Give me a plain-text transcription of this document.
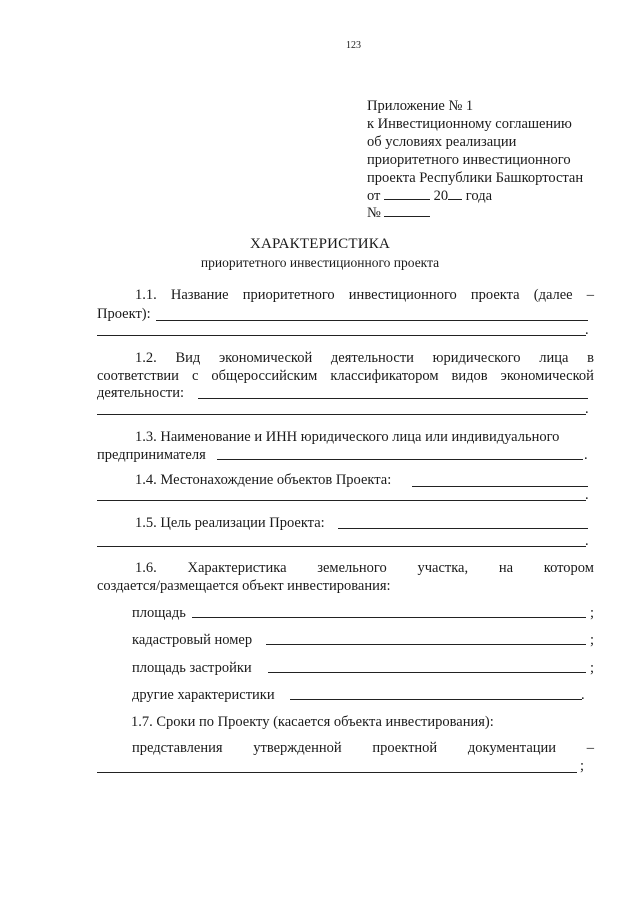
123
Приложение № 1
к Инвестиционному соглашению
об условиях реализации
приоритетного инвестиционного
проекта Республики Башкортостан
от	20 года
№
ХАРАКТЕРИСТИКА
приоритетного инвестиционного проекта
1.1. Название приоритетного инвестиционного проекта (далее –
Проект):
.
1.2. Вид экономической деятельности юридического лица в
соответствии с общероссийским классификатором видов экономической
деятельности:
.
1.3. Наименование и ИНН юридического лица или индивидуального
предпринимателя	.
1.4. Местонахождение объектов Проекта:
.
1.5. Цель реализации Проекта:
.
1.6. Характеристика земельного участка, на котором
создается/размещается объект инвестирования:
площадь	;
кадастровый номер	;
площадь застройки	;
другие характеристики	.
1.7. Сроки по Проекту (касается объекта инвестирования):
представления утвержденной проектной документации –
;
